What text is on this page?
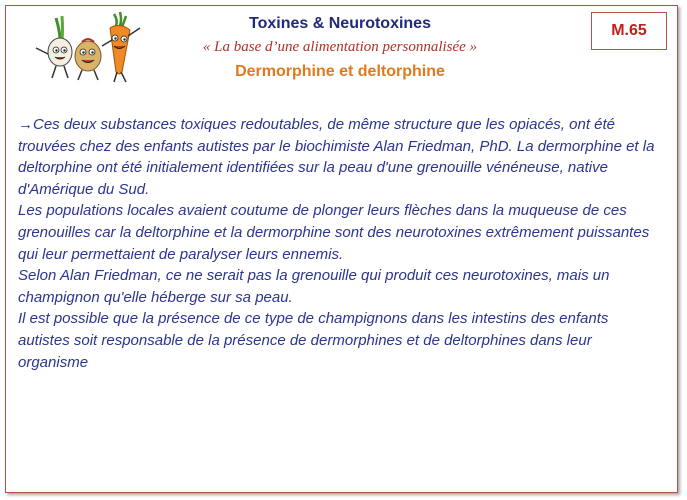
Toxines & Neurotoxines
« La base d’une alimentation personnalisée »
Dermorphine et deltorphine
M.65

→Ces deux substances toxiques redoutables, de même structure que les opiacés, ont été trouvées chez des enfants autistes par le biochimiste Alan Friedman, PhD. La dermorphine et la deltorphine ont été initialement identifiées sur la peau d'une grenouille vénéneuse, native d'Amérique du Sud.

Les populations locales avaient coutume de plonger leurs flèches dans la muqueuse de ces grenouilles car la deltorphine et la dermorphine sont des neurotoxines extrêmement puissantes qui leur permettaient de paralyser leurs ennemis.

Selon Alan Friedman, ce ne serait pas la grenouille qui produit ces neurotoxines, mais un champignon qu'elle héberge sur sa peau.

Il est possible que la présence de ce type de champignons dans les intestins des enfants autistes soit responsable de la présence de dermorphines et de deltorphines dans leur organisme
